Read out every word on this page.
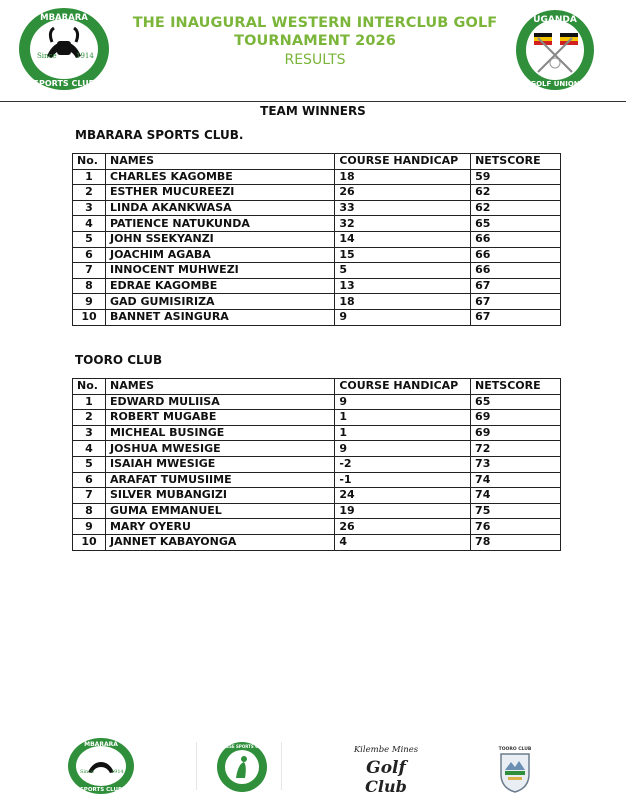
Since	1914
MBARARA
SPORTS CLUB
THE INAUGURAL WESTERN INTERCLUB GOLF
TOURNAMENT 2026
RESULTS
UGANDA
GOLF UNION
TEAM WINNERS
MBARARA SPORTS CLUB.
No.	NAMES	COURSE HANDICAP	NETSCORE
1	CHARLES KAGOMBE	18	59
2	ESTHER MUCUREEZI	26	62
3	LINDA AKANKWASA	33	62
4	PATIENCE NATUKUNDA	32	65
5	JOHN SSEKYANZI	14	66
6	JOACHIM AGABA	15	66
7	INNOCENT MUHWEZI	5	66
8	EDRAE KAGOMBE	13	67
9	GAD GUMISIRIZA	18	67
10	BANNET ASINGURA	9	67
TOORO CLUB
No.	NAMES	COURSE HANDICAP	NETSCORE
1	EDWARD MULIISA	9	65
2	ROBERT MUGABE	1	69
3	MICHEAL BUSINGE	1	69
4	JOSHUA MWESIGE	9	72
5	ISAIAH MWESIGE	-2	73
6	ARAFAT TUMUSIIME	-1	74
7	SILVER MUBANGIZI	24	74
8	GUMA EMMANUEL	19	75
9	MARY OYERU	26	76
10	JANNET KABAYONGA	4	78
Since	1914
MBARARA
SPORTS CLUB
KASESE SPORTS CLUB	Kilembe Mines
Golf
Club
TOORO CLUB
